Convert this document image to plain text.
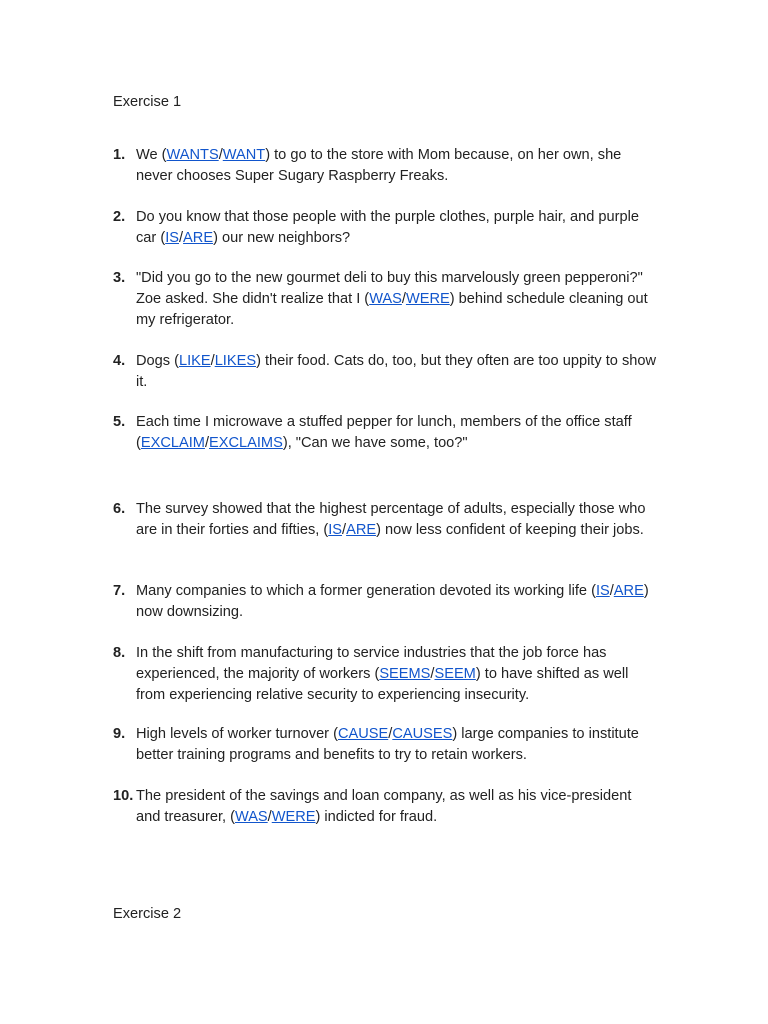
Exercise 1
1. We (WANTS/WANT) to go to the store with Mom because, on her own, she never chooses Super Sugary Raspberry Freaks.
2. Do you know that those people with the purple clothes, purple hair, and purple car (IS/ARE) our new neighbors?
3. "Did you go to the new gourmet deli to buy this marvelously green pepperoni?" Zoe asked. She didn't realize that I (WAS/WERE) behind schedule cleaning out my refrigerator.
4. Dogs (LIKE/LIKES) their food. Cats do, too, but they often are too uppity to show it.
5. Each time I microwave a stuffed pepper for lunch, members of the office staff (EXCLAIM/EXCLAIMS), "Can we have some, too?"
6. The survey showed that the highest percentage of adults, especially those who are in their forties and fifties, (IS/ARE) now less confident of keeping their jobs.
7. Many companies to which a former generation devoted its working life (IS/ARE) now downsizing.
8. In the shift from manufacturing to service industries that the job force has experienced, the majority of workers (SEEMS/SEEM) to have shifted as well from experiencing relative security to experiencing insecurity.
9. High levels of worker turnover (CAUSE/CAUSES) large companies to institute better training programs and benefits to try to retain workers.
10. The president of the savings and loan company, as well as his vice-president and treasurer, (WAS/WERE) indicted for fraud.
Exercise 2
